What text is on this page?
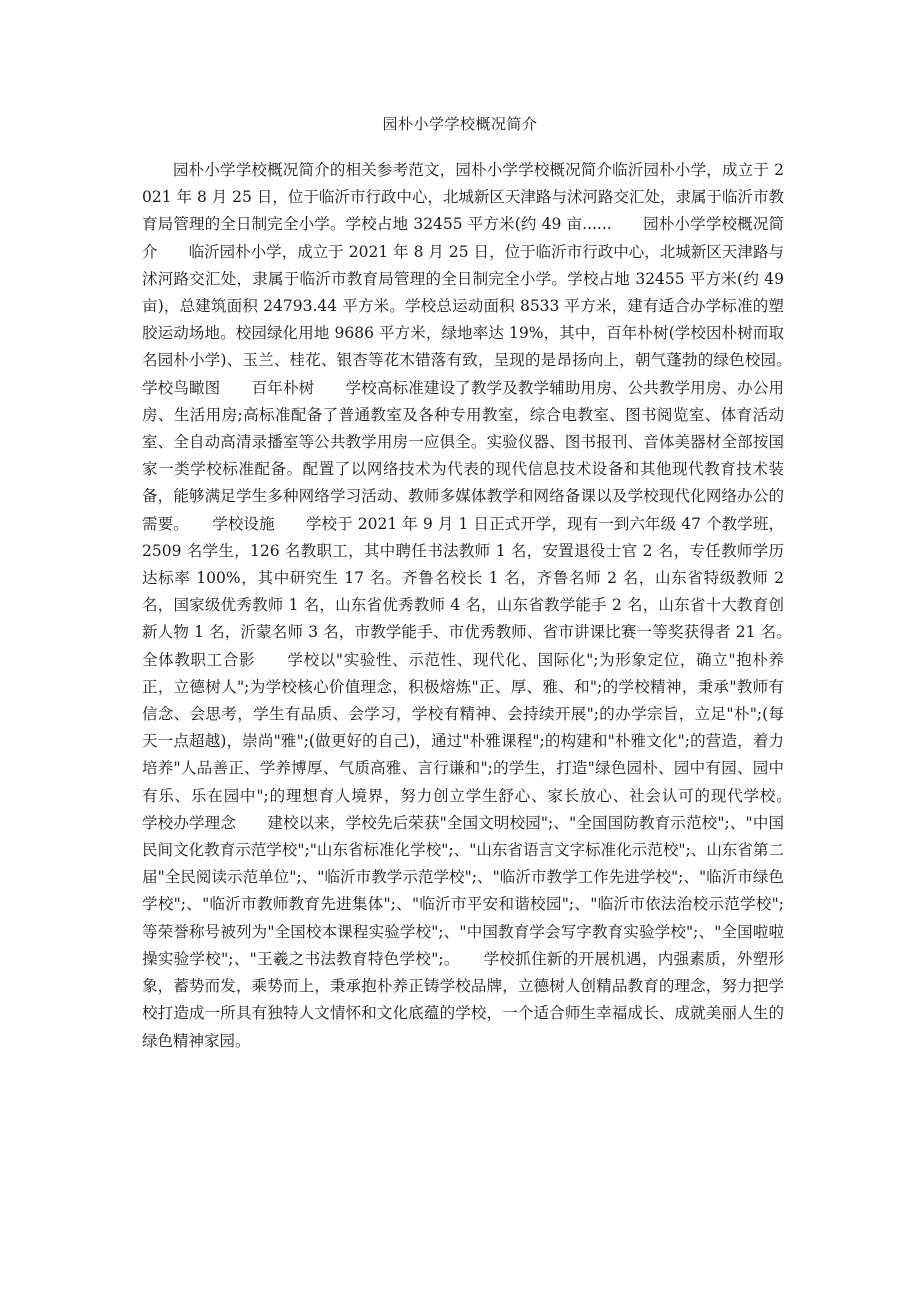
园朴小学学校概况简介

园朴小学学校概况简介的相关参考范文，园朴小学学校概况简介临沂园朴小学，成立于 2021 年 8 月 25 日，位于临沂市行政中心，北城新区天津路与沭河路交汇处，隶属于临沂市教育局管理的全日制完全小学。学校占地 32455 平方米(约 49 亩......　　园朴小学学校概况简介　　临沂园朴小学，成立于 2021 年 8 月 25 日，位于临沂市行政中心，北城新区天津路与沭河路交汇处，隶属于临沂市教育局管理的全日制完全小学。学校占地 32455 平方米(约 49 亩)，总建筑面积 24793.44 平方米。学校总运动面积 8533 平方米，建有适合办学标准的塑胶运动场地。校园绿化用地 9686 平方米，绿地率达 19%，其中，百年朴树(学校因朴树而取名园朴小学)、玉兰、桂花、银杏等花木错落有致，呈现的是昂扬向上，朝气蓬勃的绿色校园。　　学校鸟瞰图　　百年朴树　　学校高标准建设了教学及教学辅助用房、公共教学用房、办公用房、生活用房;高标准配备了普通教室及各种专用教室，综合电教室、图书阅览室、体育活动室、全自动高清录播室等公共教学用房一应俱全。实验仪器、图书报刊、音体美器材全部按国家一类学校标准配备。配置了以网络技术为代表的现代信息技术设备和其他现代教育技术装备，能够满足学生多种网络学习活动、教师多媒体教学和网络备课以及学校现代化网络办公的需要。　　学校设施　　学校于 2021 年 9 月 1 日正式开学，现有一到六年级 47 个教学班，2509 名学生，126 名教职工，其中聘任书法教师 1 名，安置退役士官 2 名，专任教师学历达标率 100%，其中研究生 17 名。齐鲁名校长 1 名，齐鲁名师 2 名，山东省特级教师 2 名，国家级优秀教师 1 名，山东省优秀教师 4 名，山东省教学能手 2 名，山东省十大教育创新人物 1 名，沂蒙名师 3 名，市教学能手、市优秀教师、省市讲课比赛一等奖获得者 21 名。　　全体教职工合影　　学校以"实验性、示范性、现代化、国际化";为形象定位，确立"抱朴养正，立德树人";为学校核心价值理念，积极熔炼"正、厚、雅、和";的学校精神，秉承"教师有信念、会思考，学生有品质、会学习，学校有精神、会持续开展";的办学宗旨，立足"朴";(每天一点超越)，崇尚"雅";(做更好的自己)，通过"朴雅课程";的构建和"朴雅文化";的营造，着力培养"人品善正、学养博厚、气质高雅、言行谦和";的学生，打造"绿色园朴、园中有园、园中有乐、乐在园中";的理想育人境界，努力创立学生舒心、家长放心、社会认可的现代学校。　　学校办学理念　　建校以来，学校先后荣获"全国文明校园";、"全国国防教育示范校";、"中国民间文化教育示范学校";"山东省标准化学校";、"山东省语言文字标准化示范校";、山东省第二届"全民阅读示范单位";、"临沂市教学示范学校";、"临沂市教学工作先进学校";、"临沂市绿色学校";、"临沂市教师教育先进集体";、"临沂市平安和谐校园";、"临沂市依法治校示范学校";等荣誉称号被列为"全国校本课程实验学校";、"中国教育学会写字教育实验学校";、"全国啦啦操实验学校";、"王羲之书法教育特色学校";。　　学校抓住新的开展机遇，内强素质，外塑形象，蓄势而发，乘势而上，秉承抱朴养正铸学校品牌，立德树人创精品教育的理念，努力把学校打造成一所具有独特人文情怀和文化底蕴的学校，一个适合师生幸福成长、成就美丽人生的绿色精神家园。
